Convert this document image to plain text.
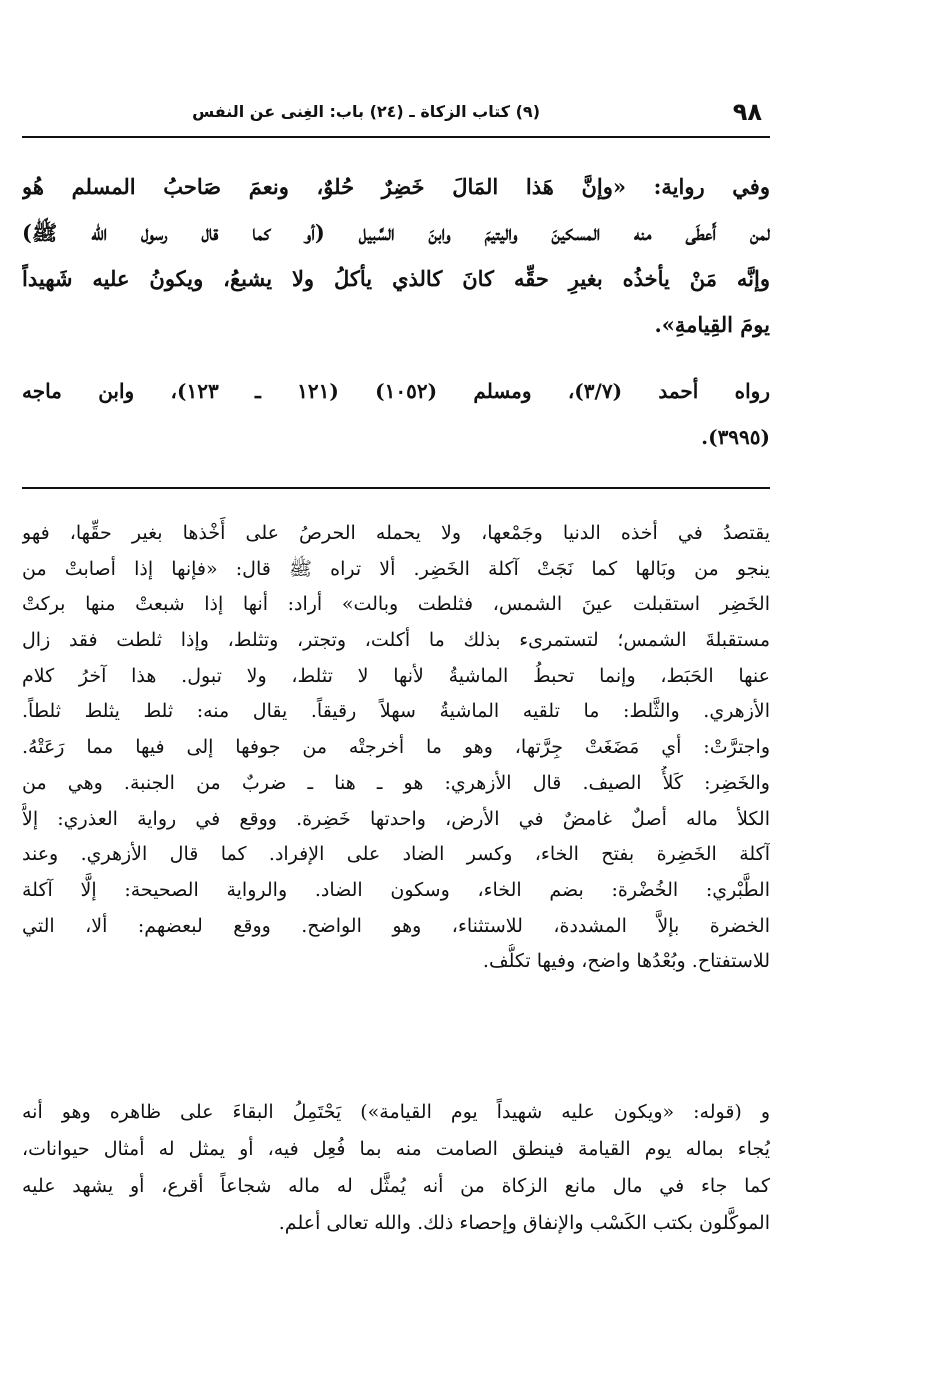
٩٨
(٩) كتاب الزكاة ـ (٢٤) باب: الغِنى عن النفس
وفي رواية: «وإنَّ هَذا المَالَ خَضِرٌ حُلوٌ، ونعمَ صَاحبُ المسلم هُو
لمن أَعطَى منه المسكينَ واليتيمَ وابنَ السَّبيل (أو كما قال رسول الله ﷺ)
وإنَّه مَنْ يأخذُه بغيرِ حقِّه كانَ كالذي يأكلُ ولا يشبعُ، ويكونُ عليه شَهيداً
يومَ القِيامةِ».
رواه أحمد (٣/٧)، ومسلم (١٠٥٢) (١٢١ ـ ١٢٣)، وابن ماجه
(٣٩٩٥).
يقتصدُ في أخذه الدنيا وجَمْعها، ولا يحمله الحرصُ على أَخْذها بغير حقِّها، فهو
ينجو من وبَالها كما نَجَتْ آكلة الخَضِر. ألا تراه ﷺ قال: «فإنها إذا أصابتْ من
الخَضِر استقبلت عينَ الشمس، فثلطت وبالت» أراد: أنها إذا شبعتْ منها بركتْ
مستقبلةَ الشمس؛ لتستمرىء بذلك ما أكلت، وتجتر، وتثلط، وإذا ثلطت فقد زال
عنها الحَبَط، وإنما تحبطُ الماشيةُ لأنها لا تثلط، ولا تبول. هذا آخرُ كلام
الأزهري. والثَّلط: ما تلقيه الماشيةُ سهلاً رقيقاً. يقال منه: ثلط يثلط ثلطاً.
واجترَّتْ: أي مَضَغَتْ جِرَّتها، وهو ما أخرجتْه من جوفها إلى فيها مما رَعَتْهُ.
والخَضِر: كَلأُ الصيف. قال الأزهري: هو ـ هنا ـ ضربٌ من الجنبة. وهي من
الكلأ ماله أصلٌ غامضٌ في الأرض، واحدتها خَضِرة. ووقع في رواية العذري: إلاَّ
آكلة الخَضِرة بفتح الخاء، وكسر الضاد على الإفراد. كما قال الأزهري. وعند
الطَّبْري: الخُضْرة: بضم الخاء، وسكون الضاد. والرواية الصحيحة: إلَّا آكلة
الخضرة بإلاَّ المشددة، للاستثناء، وهو الواضح. ووقع لبعضهم: ألا، التي
للاستفتاح. وبُعْدُها واضح، وفيها تكلُّف.
و (قوله: «ويكون عليه شهيداً يوم القيامة») يَحْتَمِلُ البقاءَ على ظاهره وهو أنه
يُجاء بماله يوم القيامة فينطق الصامت منه بما فُعِل فيه، أو يمثل له أمثال حيوانات،
كما جاء في مال مانع الزكاة من أنه يُمثَّل له ماله شجاعاً أقرع، أو يشهد عليه
الموكَّلون بكتب الكَسْب والإنفاق وإحصاء ذلك. والله تعالى أعلم.
